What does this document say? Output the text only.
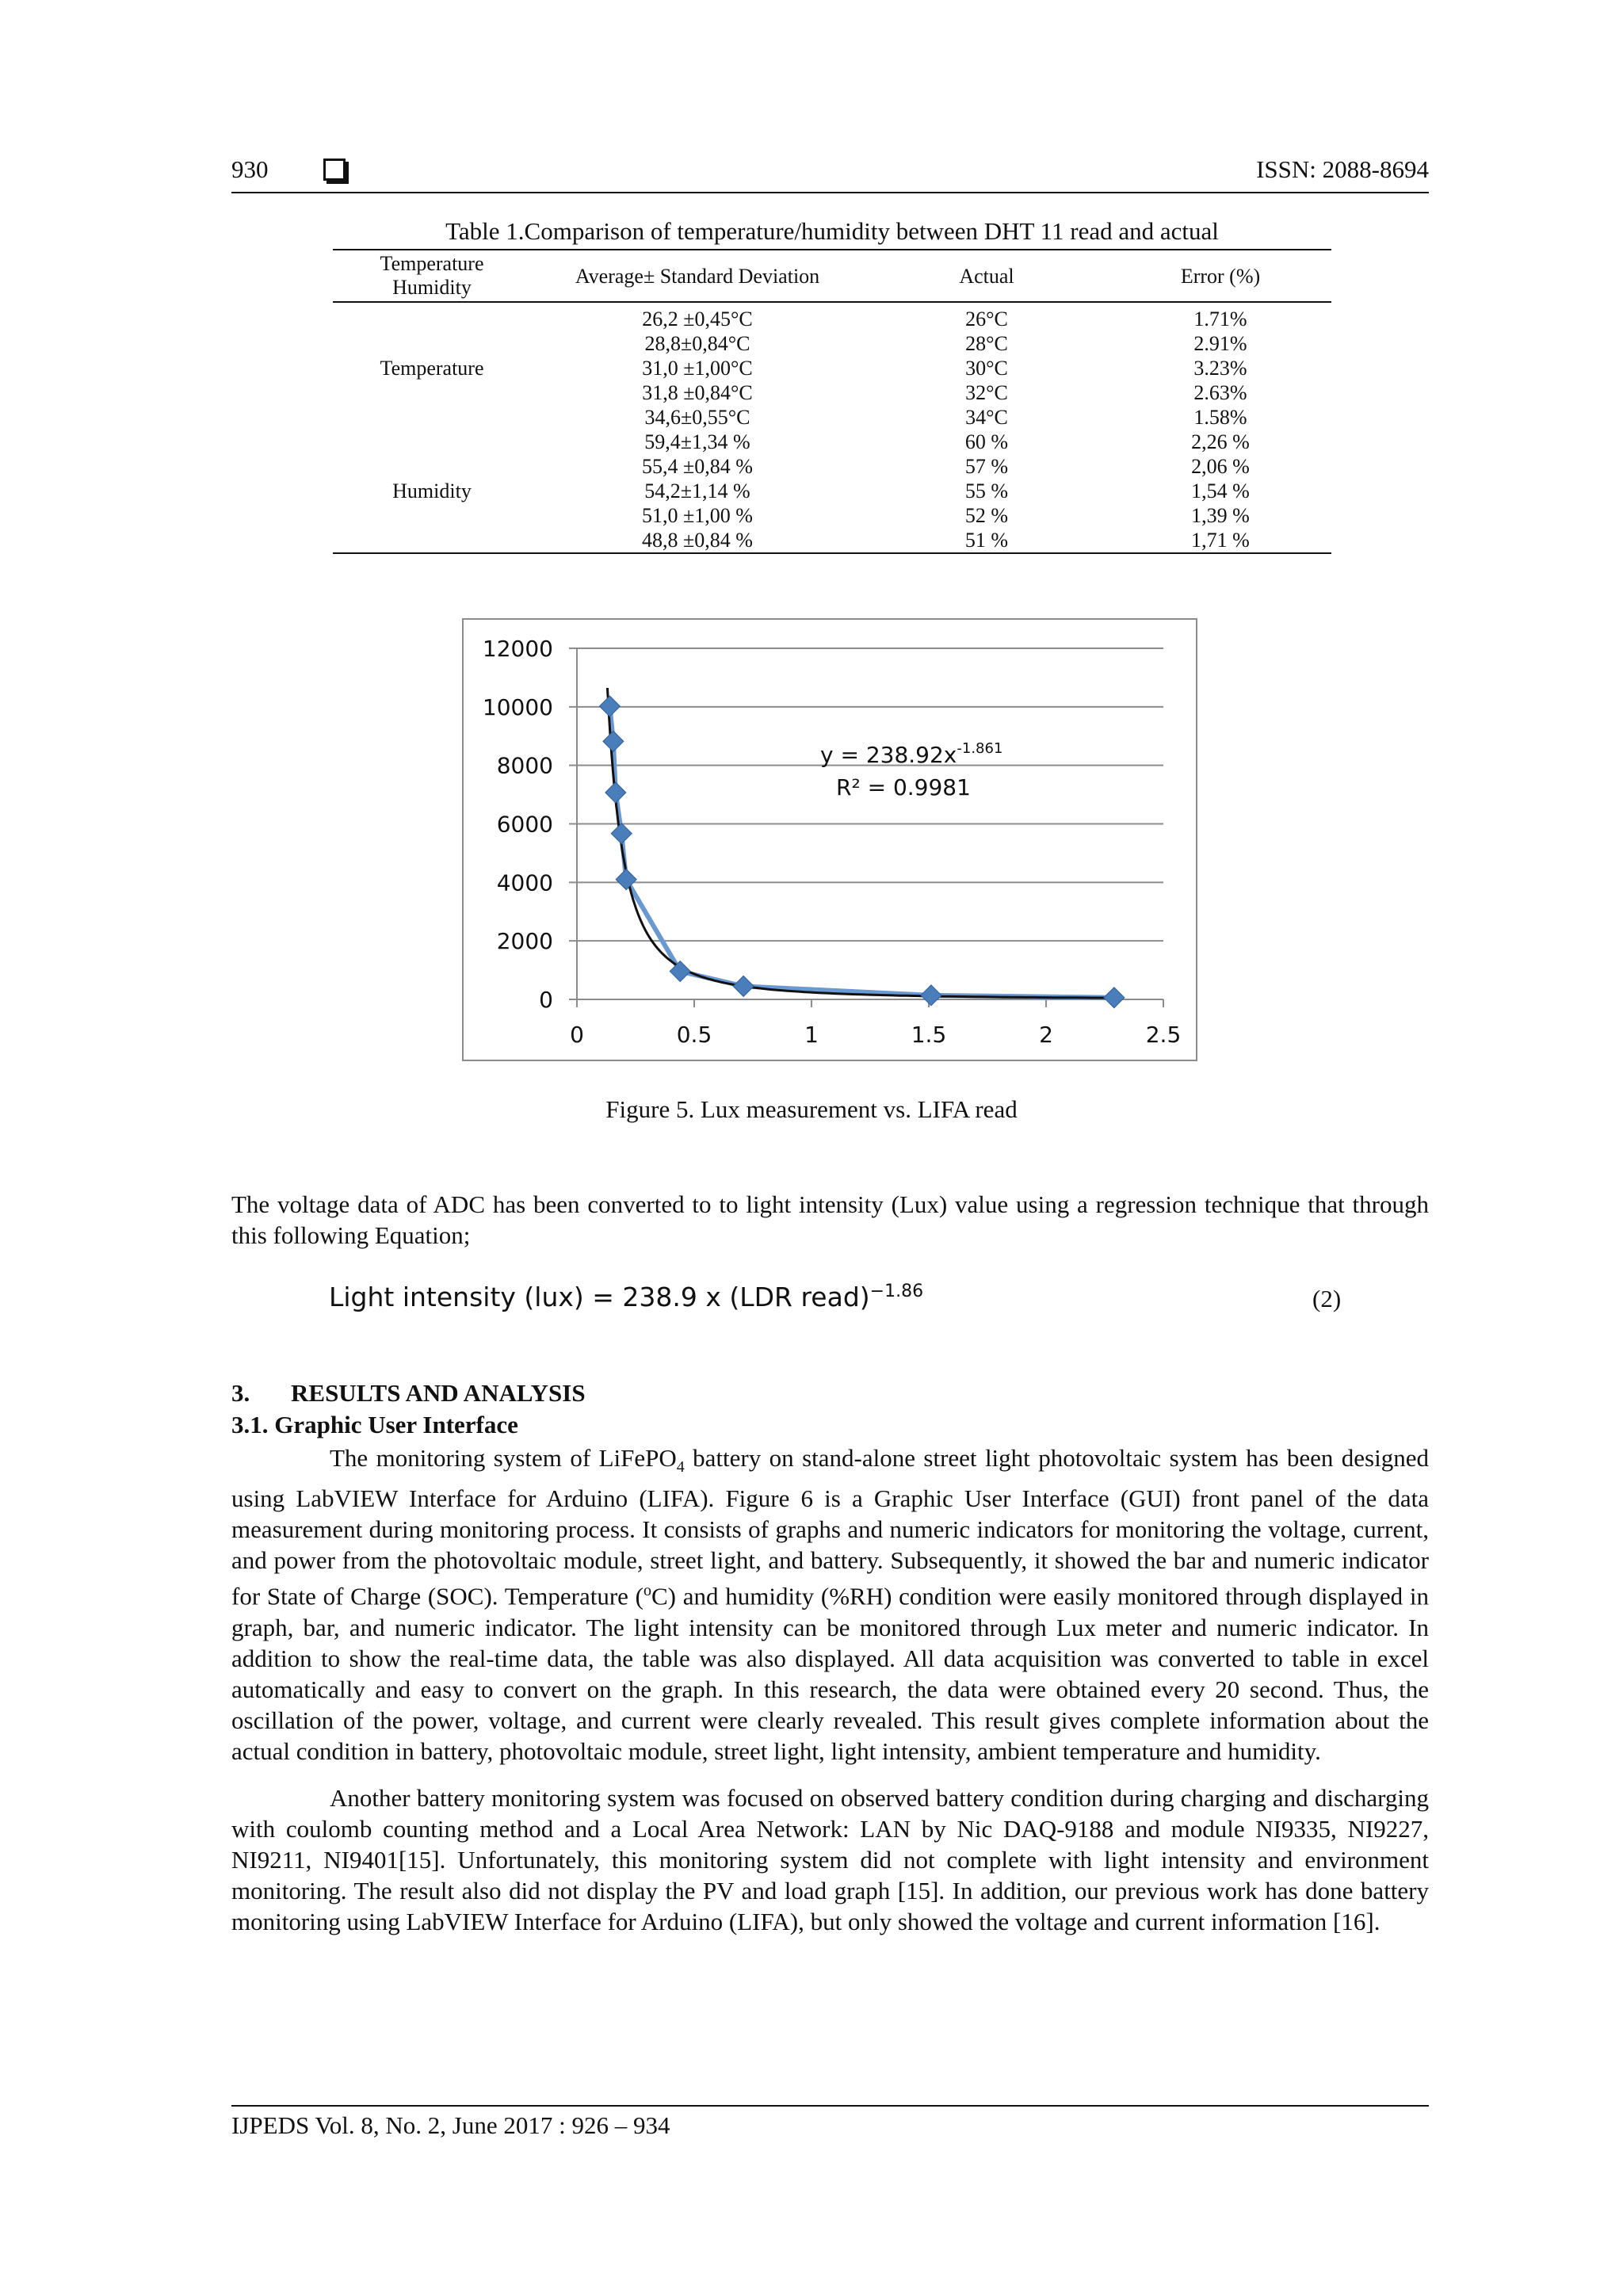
930	ISSN: 2088-8694
Table 1.Comparison of temperature/humidity between DHT 11 read and actual
Temperature
Humidity	Average± Standard Deviation	Actual	Error (%)

Temperature	26,2 ±0,45°C	26°C	1.71%
	28,8±0,84°C	28°C	2.91%
	31,0 ±1,00°C	30°C	3.23%
	31,8 ±0,84°C	32°C	2.63%
	34,6±0,55°C	34°C	1.58%
Humidity	59,4±1,34 %	60 %	2,26 %
	55,4 ±0,84 %	57 %	2,06 %
	54,2±1,14 %	55 %	1,54 %
	51,0 ±1,00 %	52 %	1,39 %
	48,8 ±0,84 %	51 %	1,71 %
0
2000
4000
6000
8000
10000
12000
0	0.5	1	1.5	2	2.5
$y = 238.92x^{-1.861}$
R² = 0.9981
Figure 5. Lux measurement vs. LIFA read
The voltage data of ADC has been converted to to light intensity (Lux) value using a regression technique that through this following Equation;
Light intensity (lux) = 238.9 x (LDR read)$^{-1.86}$	(2)
3. RESULTS AND ANALYSIS
3.1. Graphic User Interface
The monitoring system of LiFePO$_4$ battery on stand-alone street light photovoltaic system has been designed using LabVIEW Interface for Arduino (LIFA). Figure 6 is a Graphic User Interface (GUI) front panel of the data measurement during monitoring process. It consists of graphs and numeric indicators for monitoring the voltage, current, and power from the photovoltaic module, street light, and battery. Subsequently, it showed the bar and numeric indicator for State of Charge (SOC). Temperature ($^o$C) and humidity (%RH) condition were easily monitored through displayed in graph, bar, and numeric indicator. The light intensity can be monitored through Lux meter and numeric indicator. In addition to show the real-time data, the table was also displayed. All data acquisition was converted to table in excel automatically and easy to convert on the graph. In this research, the data were obtained every 20 second. Thus, the oscillation of the power, voltage, and current were clearly revealed. This result gives complete information about the actual condition in battery, photovoltaic module, street light, light intensity, ambient temperature and humidity.
Another battery monitoring system was focused on observed battery condition during charging and discharging with coulomb counting method and a Local Area Network: LAN by Nic DAQ-9188 and module NI9335, NI9227, NI9211, NI9401[15]. Unfortunately, this monitoring system did not complete with light intensity and environment monitoring. The result also did not display the PV and load graph [15]. In addition, our previous work has done battery monitoring using LabVIEW Interface for Arduino (LIFA), but only showed the voltage and current information [16].
IJPEDS Vol. 8, No. 2, June 2017 : 926 – 934
